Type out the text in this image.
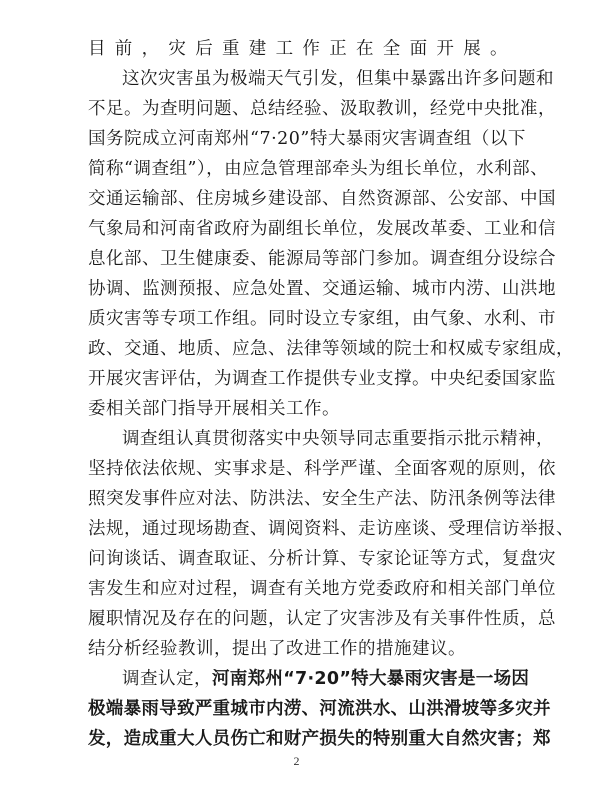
目前，灾后重建工作正在全面开展。
这次灾害虽为极端天气引发，但集中暴露出许多问题和
不足。为查明问题、总结经验、汲取教训，经党中央批准，
国务院成立河南郑州“7·20”特大暴雨灾害调查组（以下
简称“调查组”），由应急管理部牵头为组长单位，水利部、
交通运输部、住房城乡建设部、自然资源部、公安部、中国
气象局和河南省政府为副组长单位，发展改革委、工业和信
息化部、卫生健康委、能源局等部门参加。调查组分设综合
协调、监测预报、应急处置、交通运输、城市内涝、山洪地
质灾害等专项工作组。同时设立专家组，由气象、水利、市
政、交通、地质、应急、法律等领域的院士和权威专家组成，
开展灾害评估，为调查工作提供专业支撑。中央纪委国家监
委相关部门指导开展相关工作。
调查组认真贯彻落实中央领导同志重要指示批示精神，
坚持依法依规、实事求是、科学严谨、全面客观的原则，依
照突发事件应对法、防洪法、安全生产法、防汛条例等法律
法规，通过现场勘查、调阅资料、走访座谈、受理信访举报、
问询谈话、调查取证、分析计算、专家论证等方式，复盘灾
害发生和应对过程，调查有关地方党委政府和相关部门单位
履职情况及存在的问题，认定了灾害涉及有关事件性质，总
结分析经验教训，提出了改进工作的措施建议。
调查认定，河南郑州“7·20”特大暴雨灾害是一场因
极端暴雨导致严重城市内涝、河流洪水、山洪滑坡等多灾并
发，造成重大人员伤亡和财产损失的特别重大自然灾害；郑
2
